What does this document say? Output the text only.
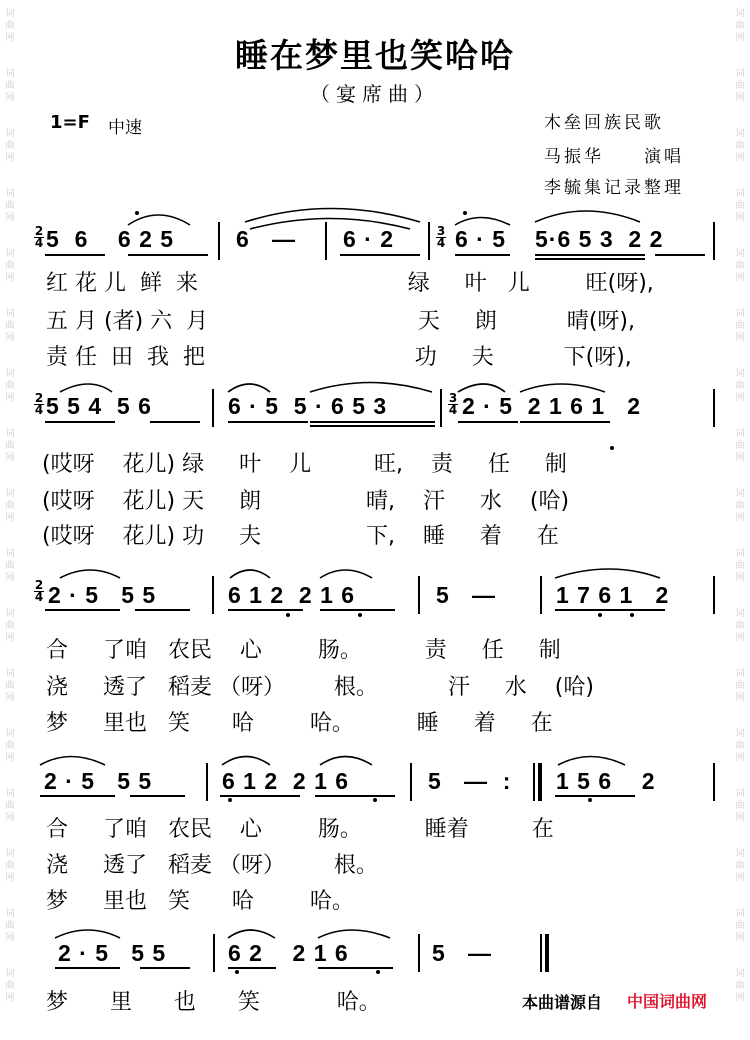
词
曲
网
词
曲
网
词
曲
网
词
曲
网
词
曲
网
词
曲
网
词
曲
网
词
曲
网
词
曲
网
词
曲
网
词
曲
网
词
曲
网
词
曲
网
词
曲
网
词
曲
网
词
曲
网
词
曲
网
词
曲
网
词
曲
网
词
曲
网
词
曲
网
词
曲
网
词
曲
网
词
曲
网
词
曲
网
词
曲
网
词
曲
网
词
曲
网
词
曲
网
词
曲
网
词
曲
网
词
曲
网
词
曲
网
词
曲
网
睡在梦里也笑哈哈
（宴席曲）
1=F 中速	木垒回族民歌
马振华　　演唱
李毓集记录整理
2
4 5  6    6 2 5	6   — 6 · 2	3
4 6 · 5 5·6 5 3  2 2
红 花 儿  鲜  来                              绿     叶   儿        旺(呀),
五 月 (者) 六  月                              天     朗          晴(呀),
责 任  田  我  把                              功     夫          下(呀),
2
4 5 5 4  5 6	6 · 5  5 · 6 5 3	3
4 2 · 5  2 1 6 1   2
(哎呀    花儿) 绿     叶    儿         旺,    责     任     制
(哎呀    花儿) 天     朗               晴,    汗     水    (哈)
(哎呀    花儿) 功     夫               下,    睡     着     在
2
4 2 · 5   5 5	6 1 2  2 1 6	5   —	1 7 6 1   2
合     了咱   农民    心        肠。         责     任     制
浇     透了   稻麦 （呀）       根。          汗     水    (哈)
梦     里也   笑      哈        哈。         睡     着     在
2 · 5   5 5	6 1 2  2 1 6	5   —  : 1 5 6    2
合     了咱   农民    心        肠。         睡着         在
浇     透了   稻麦 （呀）       根。
梦     里也   笑      哈        哈。
2 · 5   5 5	6 2    2 1 6	5   —
梦      里      也      笑           哈。	本曲谱源自 中国词曲网
